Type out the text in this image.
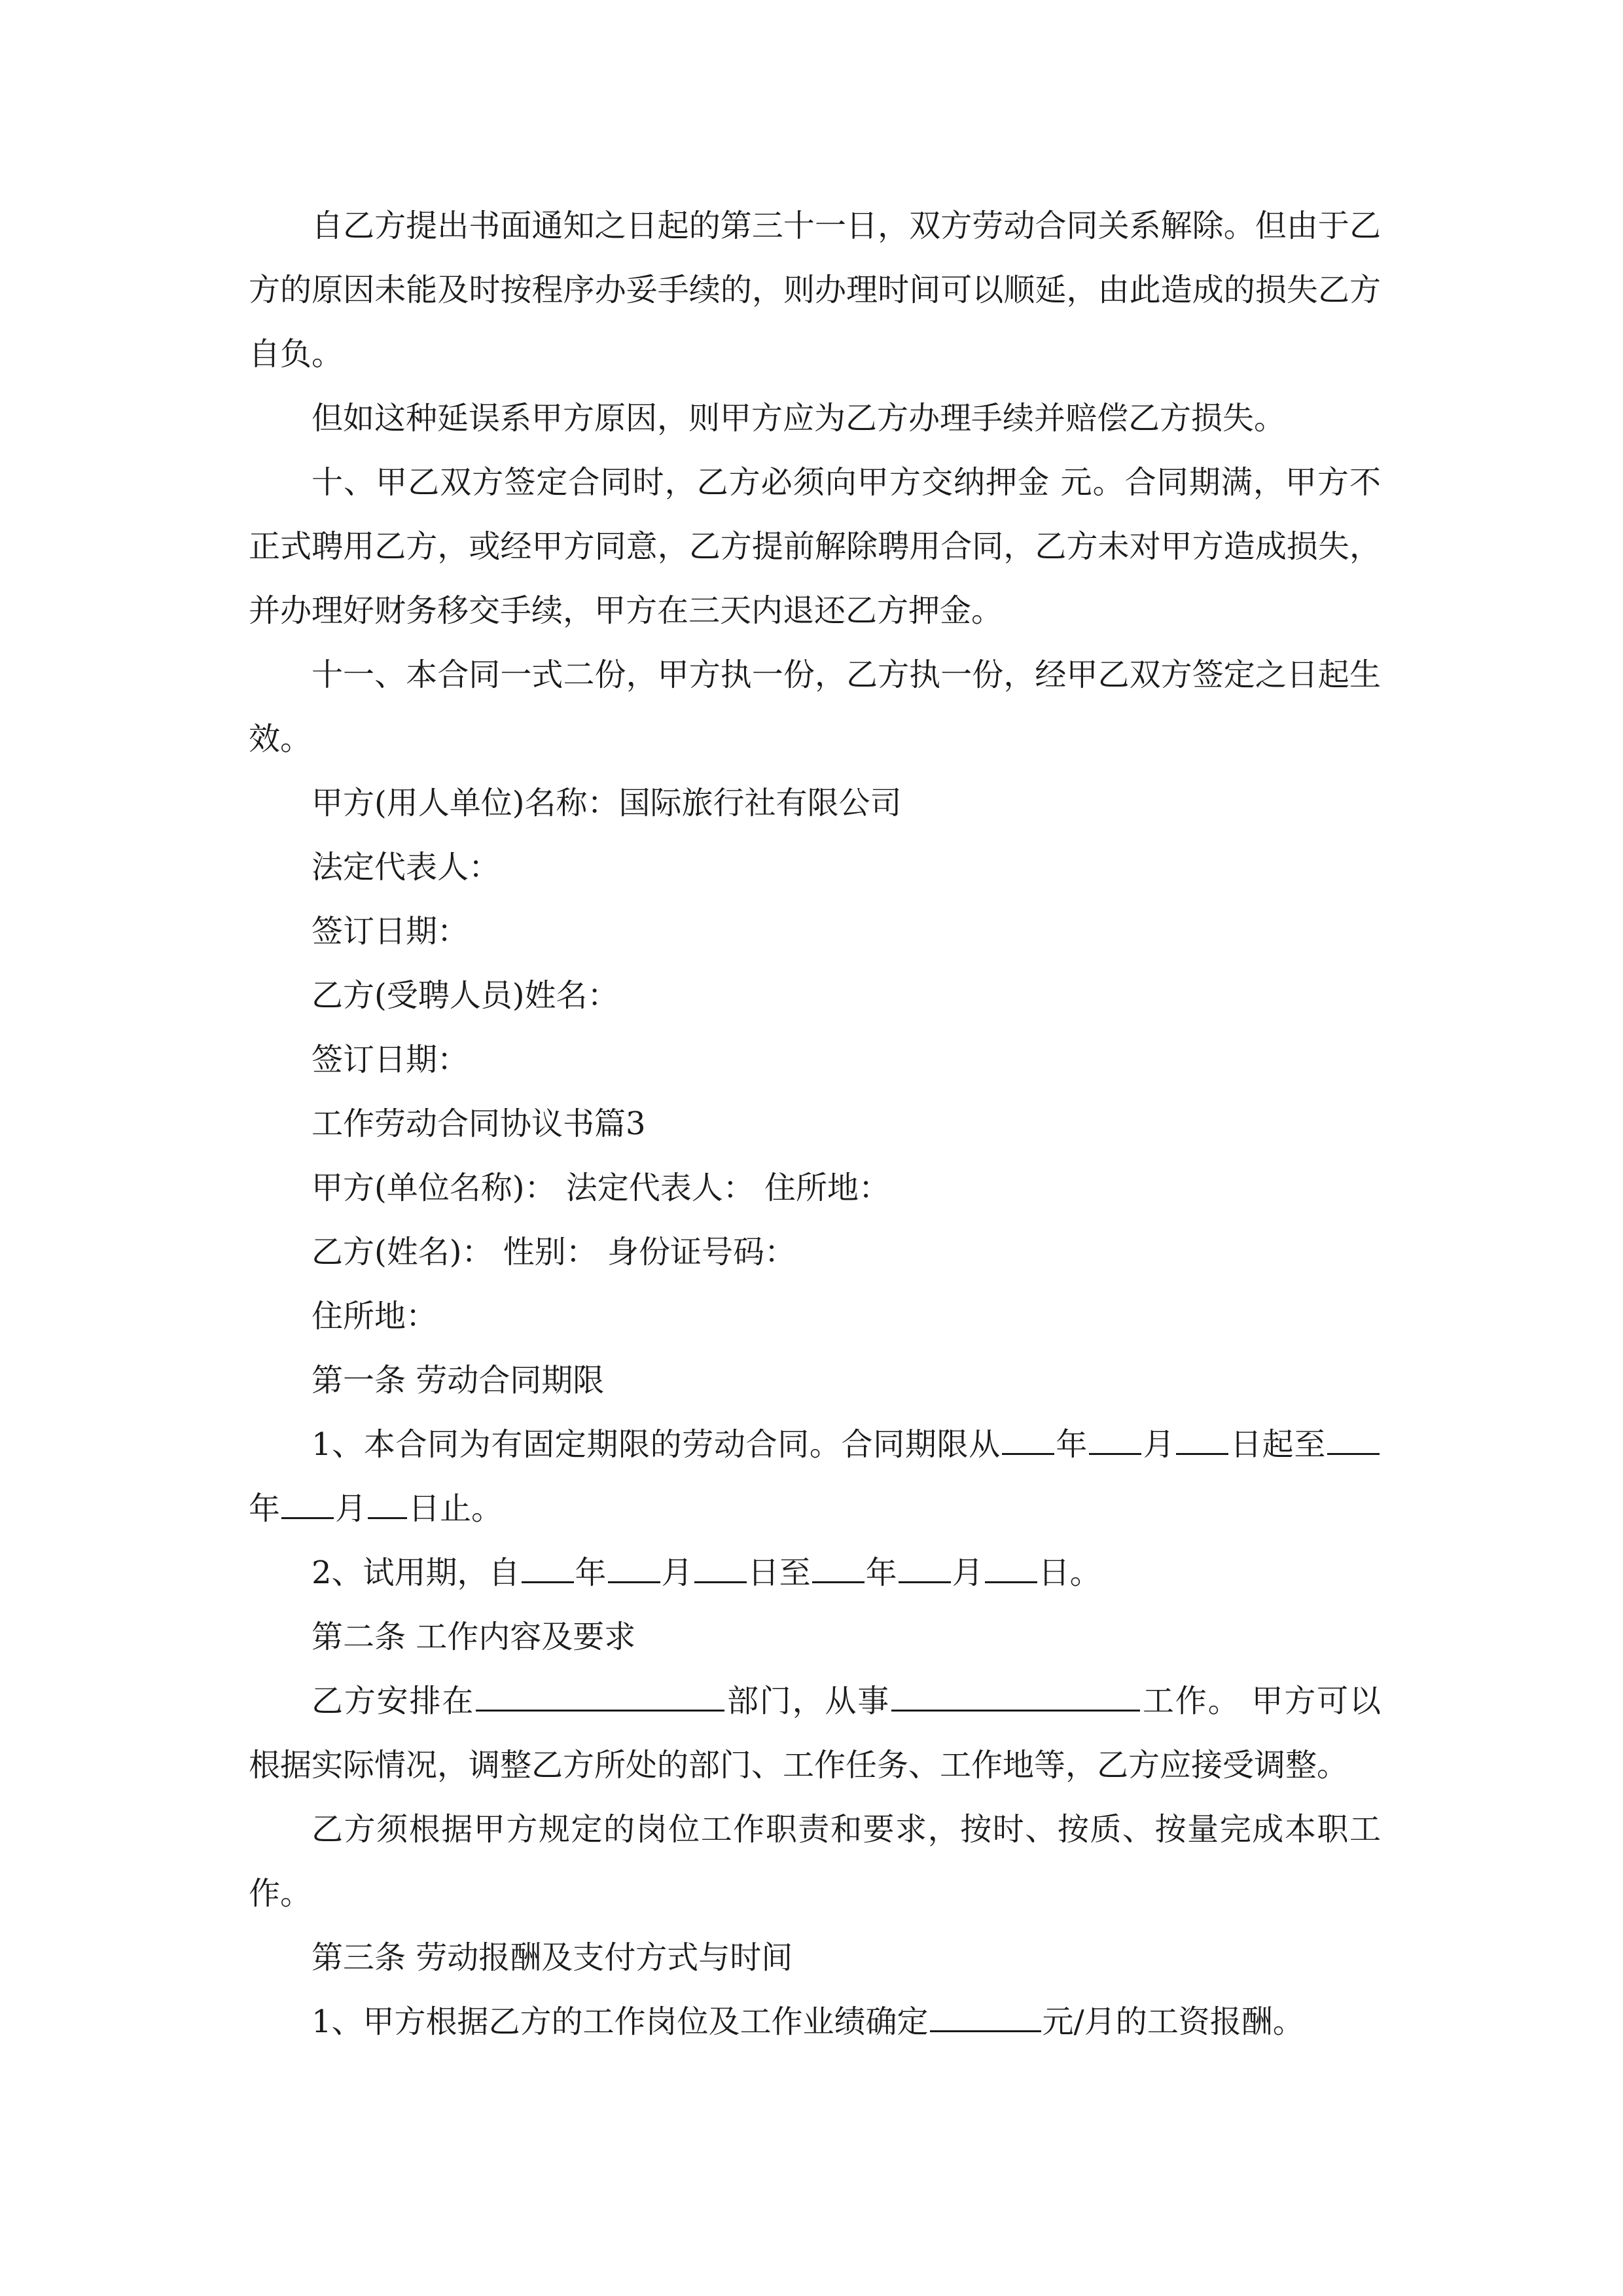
自乙方提出书面通知之日起的第三十一日，双方劳动合同关系解除。但由于乙方的原因未能及时按程序办妥手续的，则办理时间可以顺延，由此造成的损失乙方自负。

但如这种延误系甲方原因，则甲方应为乙方办理手续并赔偿乙方损失。

十、甲乙双方签定合同时，乙方必须向甲方交纳押金 元。合同期满，甲方不正式聘用乙方，或经甲方同意，乙方提前解除聘用合同，乙方未对甲方造成损失，并办理好财务移交手续，甲方在三天内退还乙方押金。

十一、本合同一式二份，甲方执一份，乙方执一份，经甲乙双方签定之日起生效。

甲方(用人单位)名称：国际旅行社有限公司

法定代表人：

签订日期：

乙方(受聘人员)姓名：

签订日期：

工作劳动合同协议书篇3

甲方(单位名称)： 法定代表人： 住所地：

乙方(姓名)： 性别： 身份证号码：

住所地：

第一条 劳动合同期限

1、本合同为有固定期限的劳动合同。合同期限从 年 月 日起至年 月 日止。

2、试用期，自 年 月 日至 年 月 日。

第二条 工作内容及要求

乙方安排在	部门，从事	工作。 甲方可以根据实际情况，调整乙方所处的部门、工作任务、工作地等，乙方应接受调整。

乙方须根据甲方规定的岗位工作职责和要求，按时、按质、按量完成本职工作。

第三条 劳动报酬及支付方式与时间

1、甲方根据乙方的工作岗位及工作业绩确定	元/月的工资报酬。
